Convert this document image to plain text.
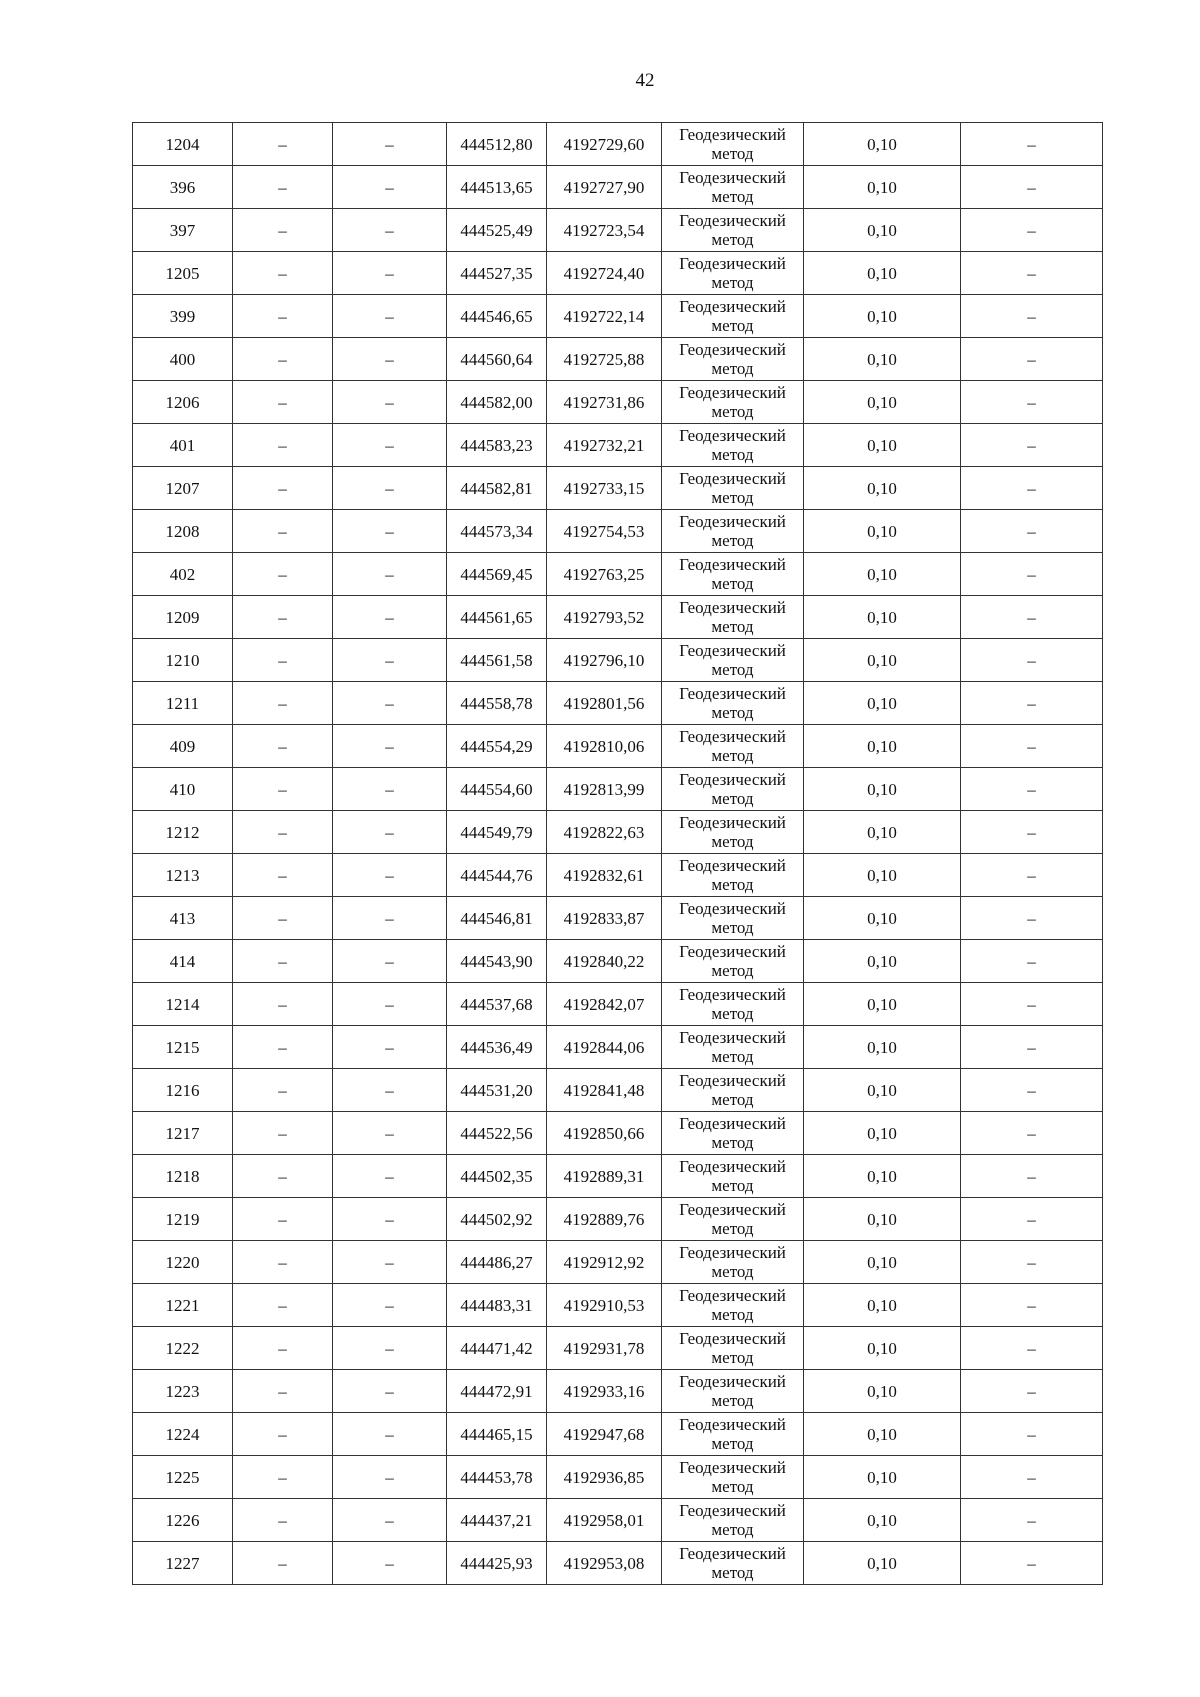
42
1204	–	–	444512,80	4192729,60	Геодезический метод	0,10	–
396	–	–	444513,65	4192727,90	Геодезический метод	0,10	–
397	–	–	444525,49	4192723,54	Геодезический метод	0,10	–
1205	–	–	444527,35	4192724,40	Геодезический метод	0,10	–
399	–	–	444546,65	4192722,14	Геодезический метод	0,10	–
400	–	–	444560,64	4192725,88	Геодезический метод	0,10	–
1206	–	–	444582,00	4192731,86	Геодезический метод	0,10	–
401	–	–	444583,23	4192732,21	Геодезический метод	0,10	–
1207	–	–	444582,81	4192733,15	Геодезический метод	0,10	–
1208	–	–	444573,34	4192754,53	Геодезический метод	0,10	–
402	–	–	444569,45	4192763,25	Геодезический метод	0,10	–
1209	–	–	444561,65	4192793,52	Геодезический метод	0,10	–
1210	–	–	444561,58	4192796,10	Геодезический метод	0,10	–
1211	–	–	444558,78	4192801,56	Геодезический метод	0,10	–
409	–	–	444554,29	4192810,06	Геодезический метод	0,10	–
410	–	–	444554,60	4192813,99	Геодезический метод	0,10	–
1212	–	–	444549,79	4192822,63	Геодезический метод	0,10	–
1213	–	–	444544,76	4192832,61	Геодезический метод	0,10	–
413	–	–	444546,81	4192833,87	Геодезический метод	0,10	–
414	–	–	444543,90	4192840,22	Геодезический метод	0,10	–
1214	–	–	444537,68	4192842,07	Геодезический метод	0,10	–
1215	–	–	444536,49	4192844,06	Геодезический метод	0,10	–
1216	–	–	444531,20	4192841,48	Геодезический метод	0,10	–
1217	–	–	444522,56	4192850,66	Геодезический метод	0,10	–
1218	–	–	444502,35	4192889,31	Геодезический метод	0,10	–
1219	–	–	444502,92	4192889,76	Геодезический метод	0,10	–
1220	–	–	444486,27	4192912,92	Геодезический метод	0,10	–
1221	–	–	444483,31	4192910,53	Геодезический метод	0,10	–
1222	–	–	444471,42	4192931,78	Геодезический метод	0,10	–
1223	–	–	444472,91	4192933,16	Геодезический метод	0,10	–
1224	–	–	444465,15	4192947,68	Геодезический метод	0,10	–
1225	–	–	444453,78	4192936,85	Геодезический метод	0,10	–
1226	–	–	444437,21	4192958,01	Геодезический метод	0,10	–
1227	–	–	444425,93	4192953,08	Геодезический метод	0,10	–
